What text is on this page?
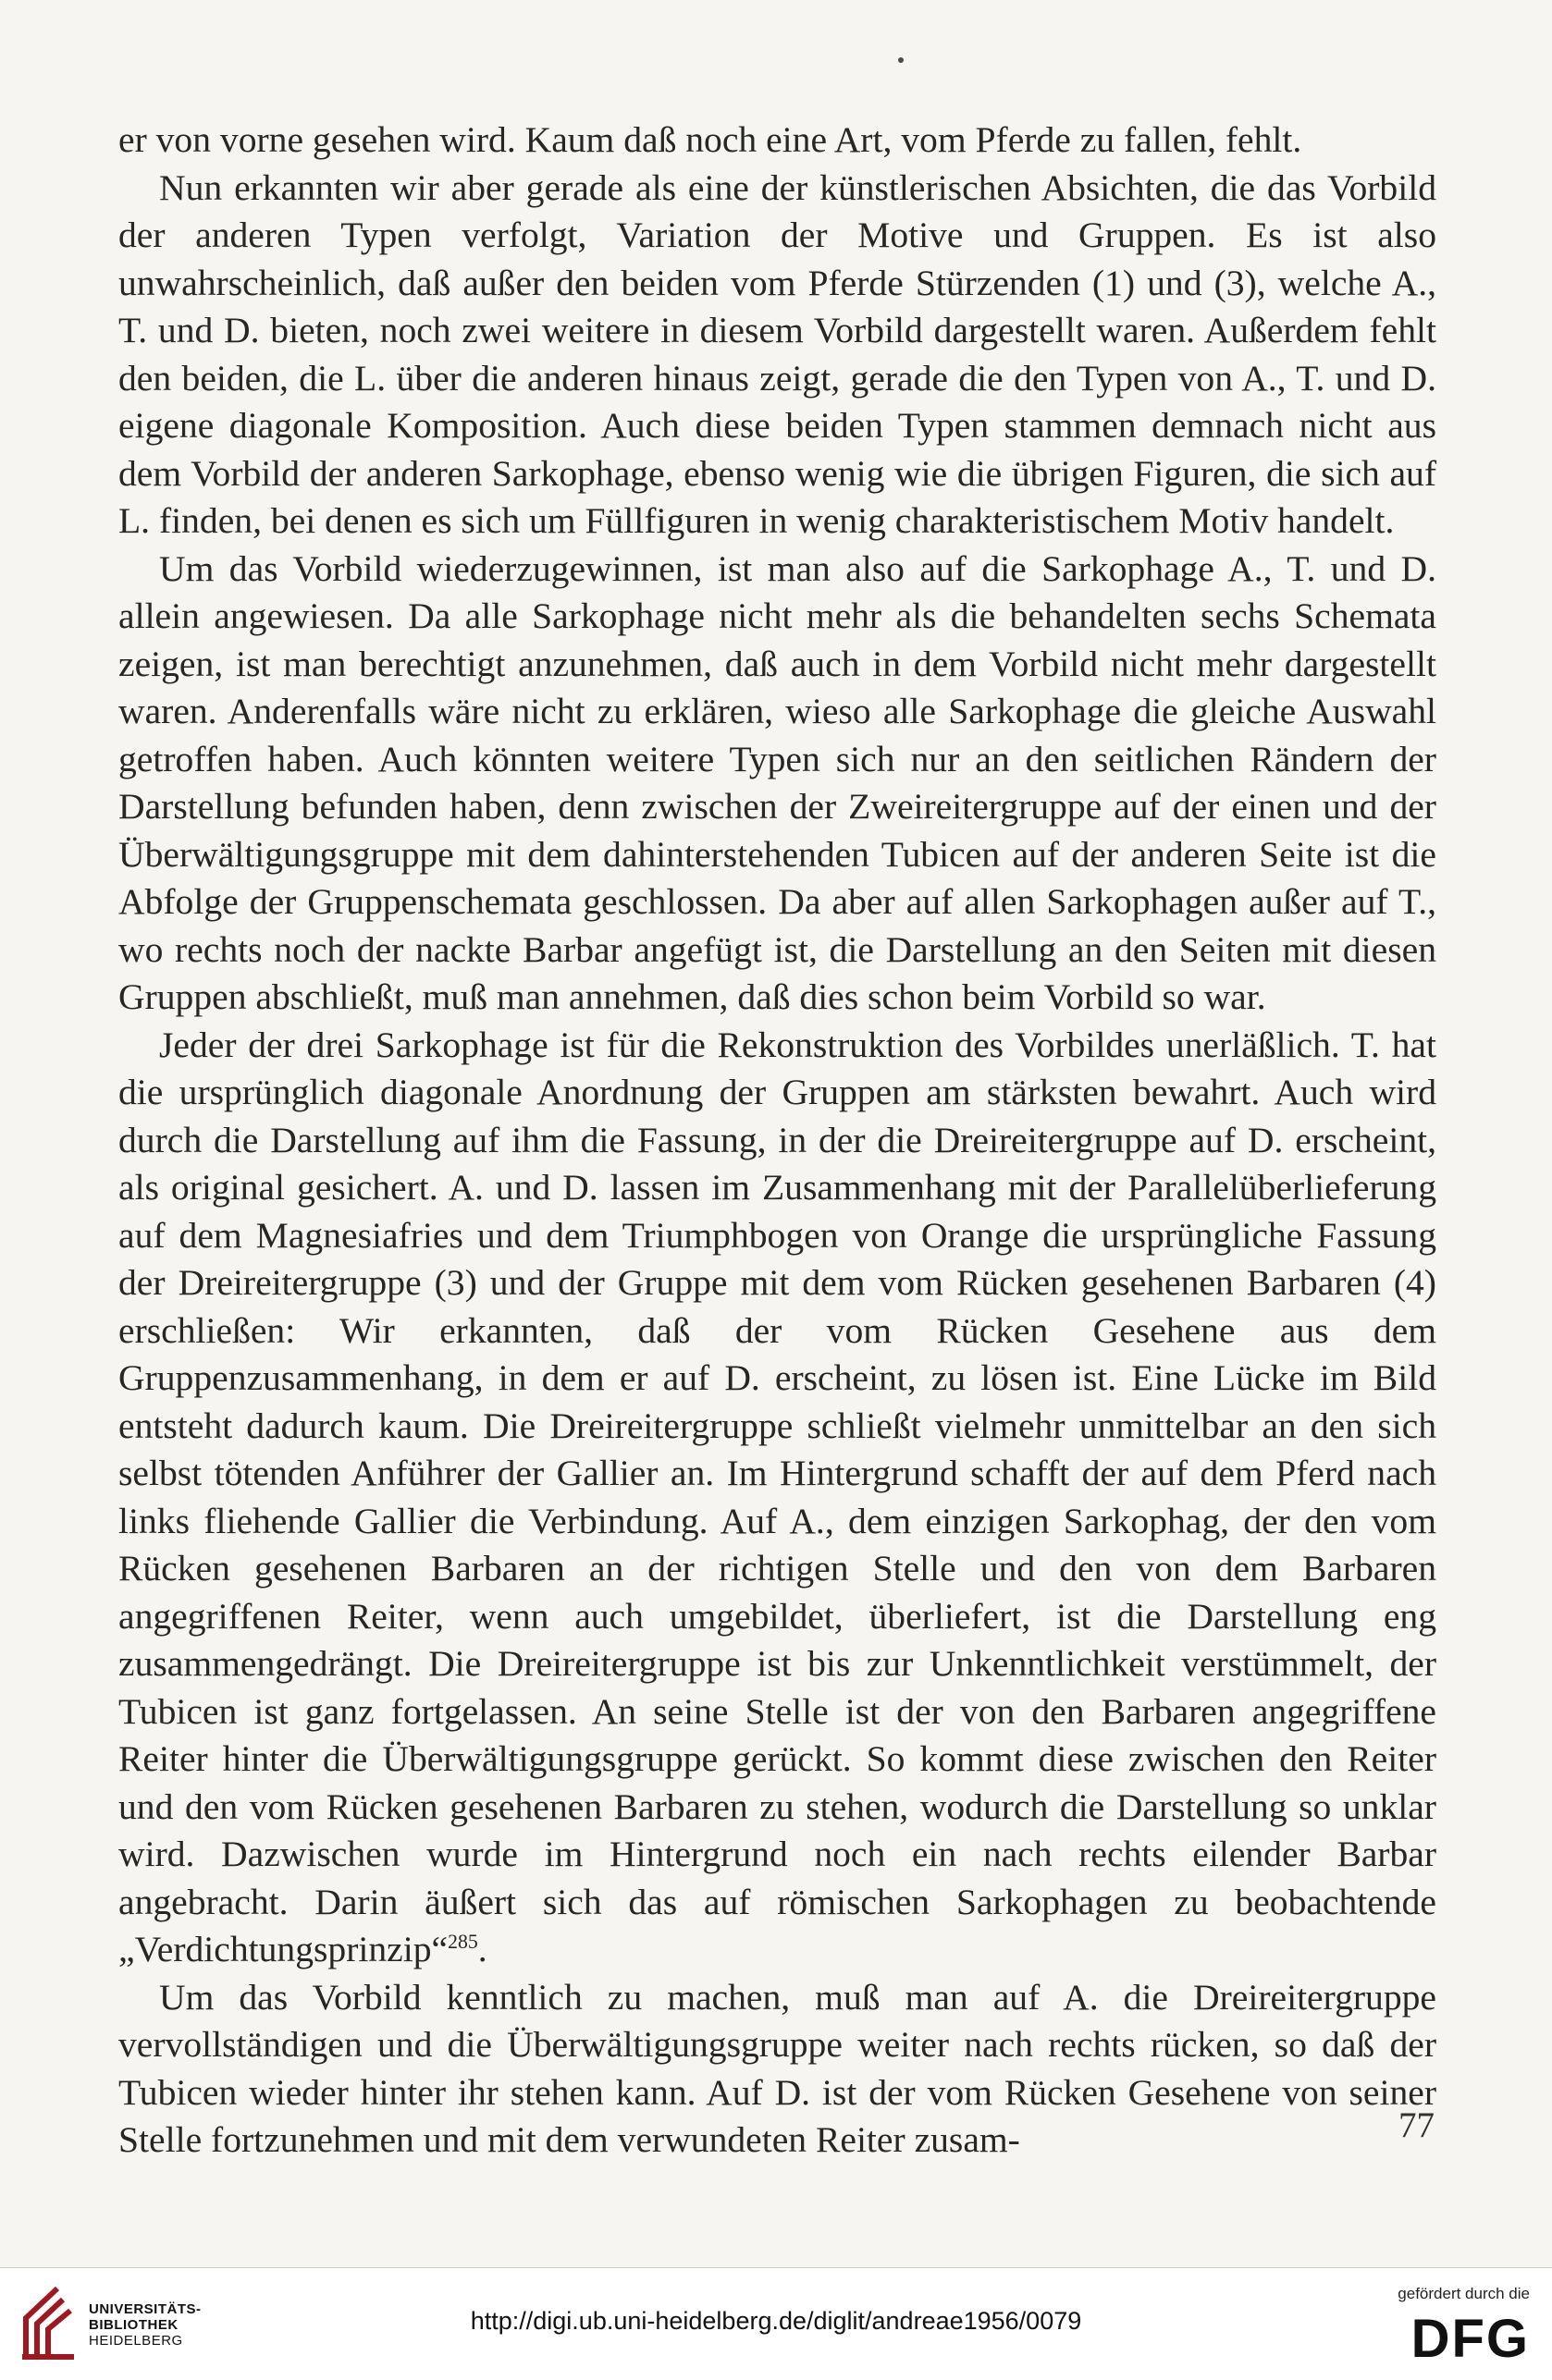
er von vorne gesehen wird. Kaum daß noch eine Art, vom Pferde zu fallen, fehlt.

Nun erkannten wir aber gerade als eine der künstlerischen Absichten, die das Vorbild der anderen Typen verfolgt, Variation der Motive und Gruppen. Es ist also unwahrscheinlich, daß außer den beiden vom Pferde Stürzenden (1) und (3), welche A., T. und D. bieten, noch zwei weitere in diesem Vorbild dargestellt waren. Außerdem fehlt den beiden, die L. über die anderen hinaus zeigt, gerade die den Typen von A., T. und D. eigene diagonale Komposition. Auch diese beiden Typen stammen demnach nicht aus dem Vorbild der anderen Sarkophage, ebenso wenig wie die übrigen Figuren, die sich auf L. finden, bei denen es sich um Füllfiguren in wenig charakteristischem Motiv handelt.

Um das Vorbild wiederzugewinnen, ist man also auf die Sarkophage A., T. und D. allein angewiesen. Da alle Sarkophage nicht mehr als die behandelten sechs Schemata zeigen, ist man berechtigt anzunehmen, daß auch in dem Vorbild nicht mehr dargestellt waren. Anderenfalls wäre nicht zu erklären, wieso alle Sarkophage die gleiche Auswahl getroffen haben. Auch könnten weitere Typen sich nur an den seitlichen Rändern der Darstellung befunden haben, denn zwischen der Zweireitergruppe auf der einen und der Überwältigungsgruppe mit dem dahinterstehenden Tubicen auf der anderen Seite ist die Abfolge der Gruppenschemata geschlossen. Da aber auf allen Sarkophagen außer auf T., wo rechts noch der nackte Barbar angefügt ist, die Darstellung an den Seiten mit diesen Gruppen abschließt, muß man annehmen, daß dies schon beim Vorbild so war.

Jeder der drei Sarkophage ist für die Rekonstruktion des Vorbildes unerläßlich. T. hat die ursprünglich diagonale Anordnung der Gruppen am stärksten bewahrt. Auch wird durch die Darstellung auf ihm die Fassung, in der die Dreireitergruppe auf D. erscheint, als original gesichert. A. und D. lassen im Zusammenhang mit der Parallelüberlieferung auf dem Magnesiafries und dem Triumphbogen von Orange die ursprüngliche Fassung der Dreireitergruppe (3) und der Gruppe mit dem vom Rücken gesehenen Barbaren (4) erschließen: Wir erkannten, daß der vom Rücken Gesehene aus dem Gruppenzusammenhang, in dem er auf D. erscheint, zu lösen ist. Eine Lücke im Bild entsteht dadurch kaum. Die Dreireitergruppe schließt vielmehr unmittelbar an den sich selbst tötenden Anführer der Gallier an. Im Hintergrund schafft der auf dem Pferd nach links fliehende Gallier die Verbindung. Auf A., dem einzigen Sarkophag, der den vom Rücken gesehenen Barbaren an der richtigen Stelle und den von dem Barbaren angegriffenen Reiter, wenn auch umgebildet, überliefert, ist die Darstellung eng zusammengedrängt. Die Dreireitergruppe ist bis zur Unkenntlichkeit verstümmelt, der Tubicen ist ganz fortgelassen. An seine Stelle ist der von den Barbaren angegriffene Reiter hinter die Überwältigungsgruppe gerückt. So kommt diese zwischen den Reiter und den vom Rücken gesehenen Barbaren zu stehen, wodurch die Darstellung so unklar wird. Dazwischen wurde im Hintergrund noch ein nach rechts eilender Barbar angebracht. Darin äußert sich das auf römischen Sarkophagen zu beobachtende „Verdichtungsprinzip“$^{285}$.

Um das Vorbild kenntlich zu machen, muß man auf A. die Dreireitergruppe vervollständigen und die Überwältigungsgruppe weiter nach rechts rücken, so daß der Tubicen wieder hinter ihr stehen kann. Auf D. ist der vom Rücken Gesehene von seiner Stelle fortzunehmen und mit dem verwundeten Reiter zusam-	77
UNIVERSITÄTS-
BIBLIOTHEK
HEIDELBERG
http://digi.ub.uni-heidelberg.de/diglit/andreae1956/0079
gefördert durch die
DFG
